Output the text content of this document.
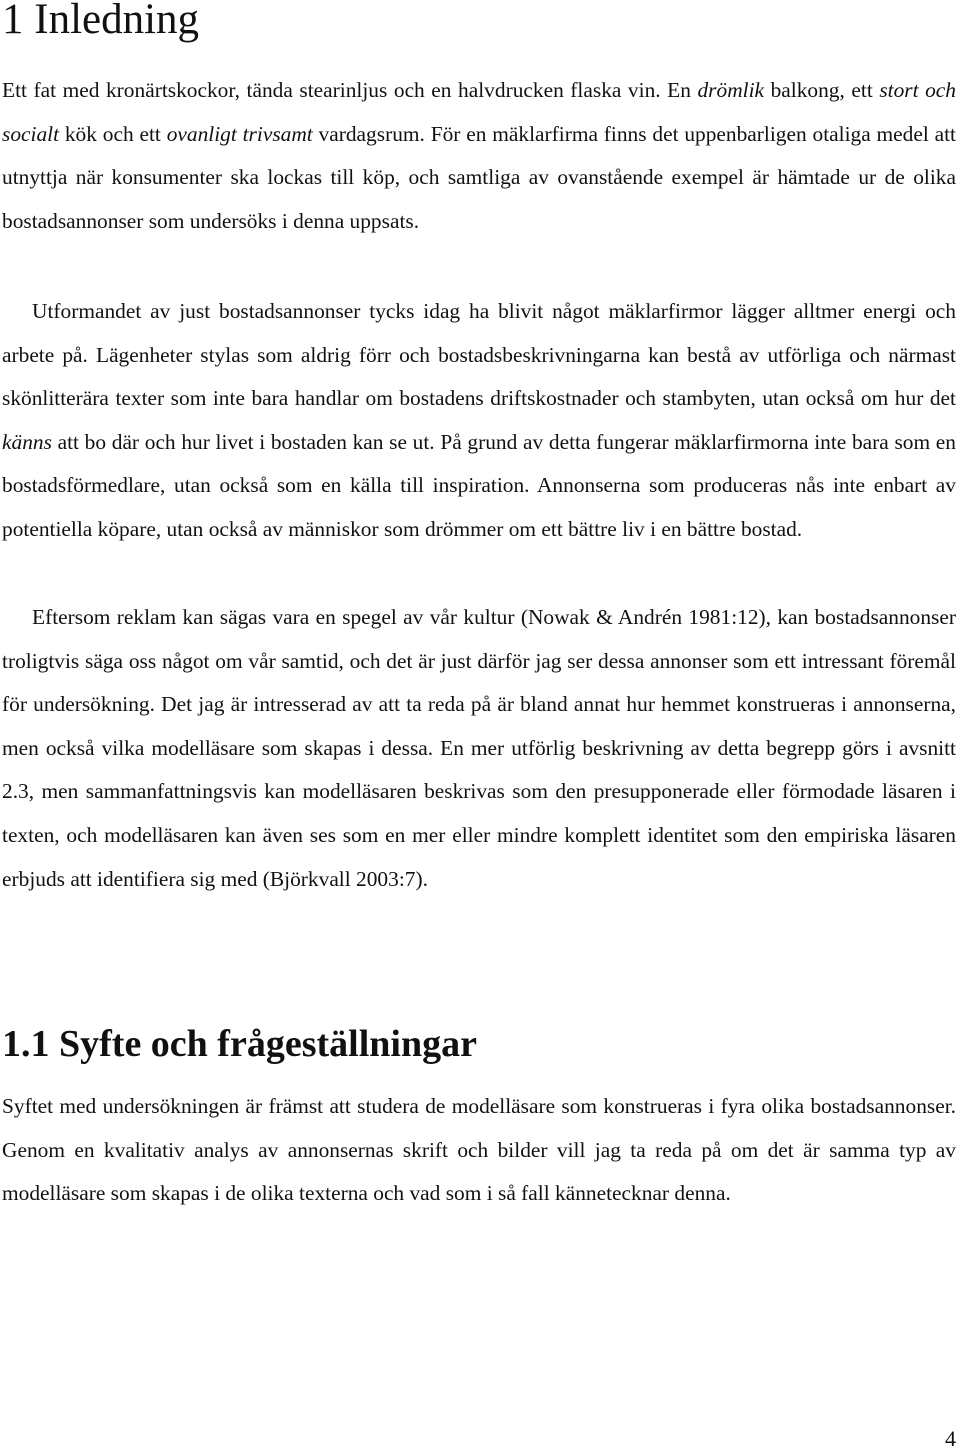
1 Inledning

Ett fat med kronärtskockor, tända stearinljus och en halvdrucken flaska vin. En drömlik balkong, ett stort och socialt kök och ett ovanligt trivsamt vardagsrum. För en mäklarfirma finns det uppenbarligen otaliga medel att utnyttja när konsumenter ska lockas till köp, och samtliga av ovanstående exempel är hämtade ur de olika bostadsannonser som undersöks i denna uppsats.

Utformandet av just bostadsannonser tycks idag ha blivit något mäklarfirmor lägger alltmer energi och arbete på. Lägenheter stylas som aldrig förr och bostadsbeskrivningarna kan bestå av utförliga och närmast skönlitterära texter som inte bara handlar om bostadens driftskostnader och stambyten, utan också om hur det känns att bo där och hur livet i bostaden kan se ut. På grund av detta fungerar mäklarfirmorna inte bara som en bostadsförmedlare, utan också som en källa till inspiration. Annonserna som produceras nås inte enbart av potentiella köpare, utan också av människor som drömmer om ett bättre liv i en bättre bostad.

Eftersom reklam kan sägas vara en spegel av vår kultur (Nowak & Andrén 1981:12), kan bostadsannonser troligtvis säga oss något om vår samtid, och det är just därför jag ser dessa annonser som ett intressant föremål för undersökning. Det jag är intresserad av att ta reda på är bland annat hur hemmet konstrueras i annonserna, men också vilka modelläsare som skapas i dessa. En mer utförlig beskrivning av detta begrepp görs i avsnitt 2.3, men sammanfattningsvis kan modelläsaren beskrivas som den presupponerade eller förmodade läsaren i texten, och modelläsaren kan även ses som en mer eller mindre komplett identitet som den empiriska läsaren erbjuds att identifiera sig med (Björkvall 2003:7).

1.1 Syfte och frågeställningar

Syftet med undersökningen är främst att studera de modelläsare som konstrueras i fyra olika bostadsannonser. Genom en kvalitativ analys av annonsernas skrift och bilder vill jag ta reda på om det är samma typ av modelläsare som skapas i de olika texterna och vad som i så fall kännetecknar denna.

4
